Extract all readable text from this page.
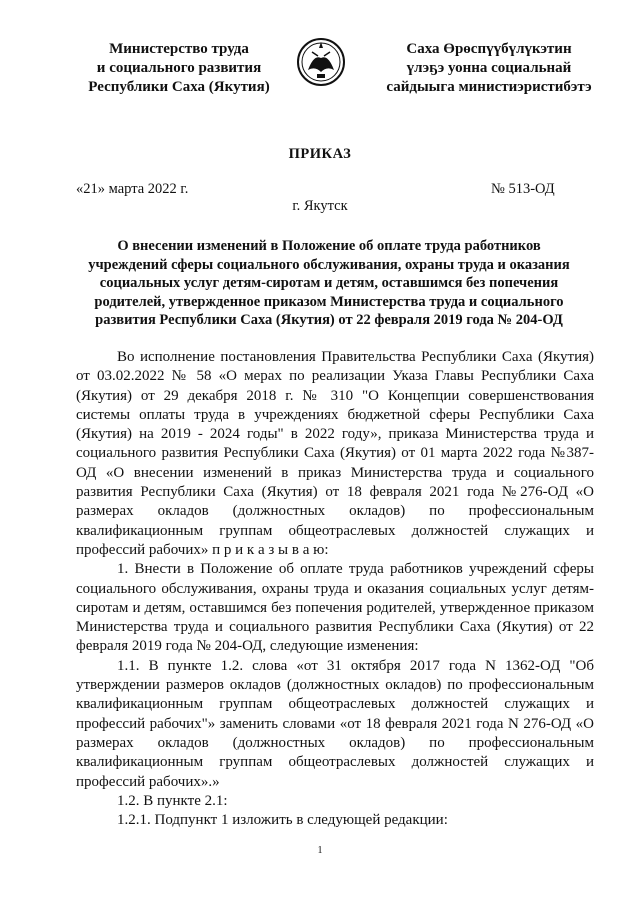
Министерство труда
и социального развития
Республики Саха (Якутия)
Саха Өрөспүүбүлүкэтин
үлэҕэ уонна социальнай
сайдыыга министиэристибэтэ
ПРИКАЗ
«21» марта 2022 г.	№ 513-ОД
г. Якутск
О внесении изменений в Положение об оплате труда работников учреждений сферы социального обслуживания, охраны труда и оказания социальных услуг детям-сиротам и детям, оставшимся без попечения родителей, утвержденное приказом Министерства труда и социального развития Республики Саха (Якутия) от 22 февраля 2019 года № 204-ОД

Во исполнение постановления Правительства Республики Саха (Якутия) от 03.02.2022 № 58 «О мерах по реализации Указа Главы Республики Саха (Якутия) от 29 декабря 2018 г. № 310 "О Концепции совершенствования системы оплаты труда в учреждениях бюджетной сферы Республики Саха (Якутия) на 2019 - 2024 годы" в 2022 году», приказа Министерства труда и социального развития Республики Саха (Якутия) от 01 марта 2022 года №387-ОД «О внесении изменений в приказ Министерства труда и социального развития Республики Саха (Якутия) от 18 февраля 2021 года №276-ОД «О размерах окладов (должностных окладов) по профессиональным квалификационным группам общеотраслевых должностей служащих и профессий рабочих» п р и к а з ы в а ю:

1. Внести в Положение об оплате труда работников учреждений сферы социального обслуживания, охраны труда и оказания социальных услуг детям-сиротам и детям, оставшимся без попечения родителей, утвержденное приказом Министерства труда и социального развития Республики Саха (Якутия) от 22 февраля 2019 года № 204-ОД, следующие изменения:

1.1. В пункте 1.2. слова «от 31 октября 2017 года N 1362-ОД "Об утверждении размеров окладов (должностных окладов) по профессиональным квалификационным группам общеотраслевых должностей служащих и профессий рабочих"» заменить словами «от 18 февраля 2021 года N 276-ОД «О размерах окладов (должностных окладов) по профессиональным квалификационным группам общеотраслевых должностей служащих и профессий рабочих».»

1.2. В пункте 2.1:

1.2.1. Подпункт 1 изложить в следующей редакции:

1
